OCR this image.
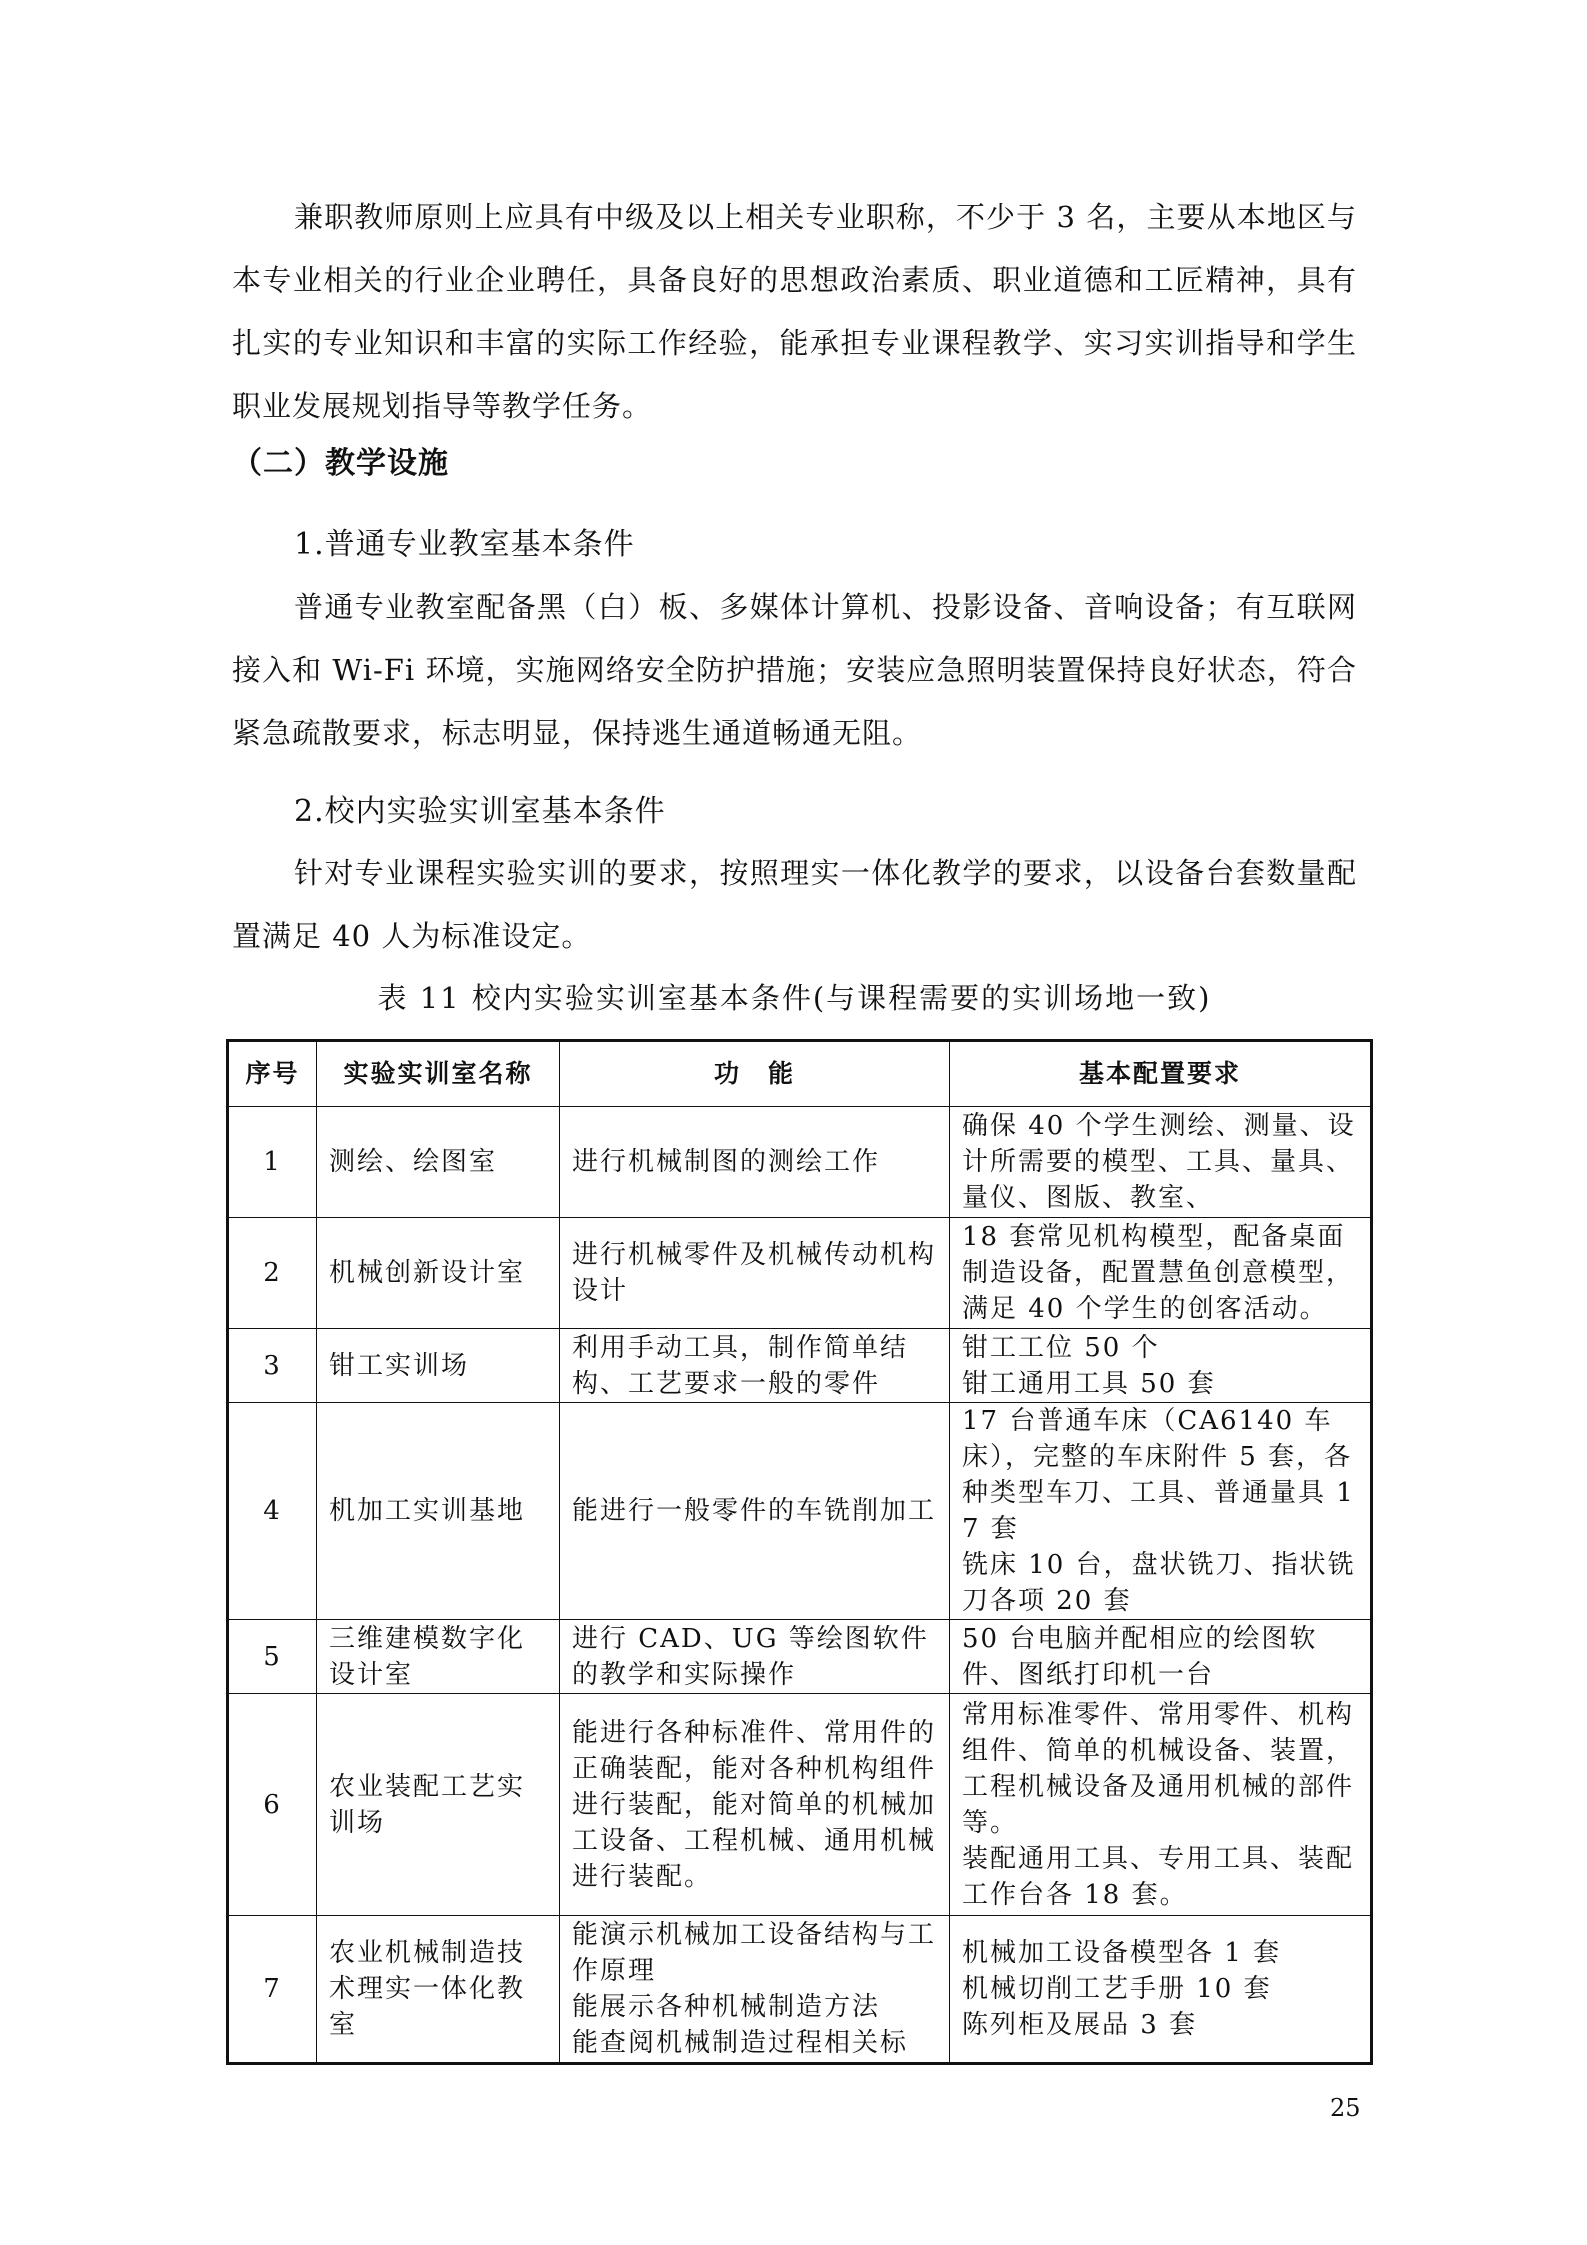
兼职教师原则上应具有中级及以上相关专业职称，不少于 3 名，主要从本地区与本专业相关的行业企业聘任，具备良好的思想政治素质、职业道德和工匠精神，具有扎实的专业知识和丰富的实际工作经验，能承担专业课程教学、实习实训指导和学生职业发展规划指导等教学任务。

（二）教学设施
1.普通专业教室基本条件

普通专业教室配备黑（白）板、多媒体计算机、投影设备、音响设备；有互联网接入和 Wi-Fi 环境，实施网络安全防护措施；安装应急照明装置保持良好状态，符合紧急疏散要求，标志明显，保持逃生通道畅通无阻。

2.校内实验实训室基本条件

针对专业课程实验实训的要求，按照理实一体化教学的要求，以设备台套数量配置满足 40 人为标准设定。

表 11 校内实验实训室基本条件(与课程需要的实训场地一致)
序号	实验实训室名称	功　能	基本配置要求
1	测绘、绘图室	进行机械制图的测绘工作	确保 40 个学生测绘、测量、设计所需要的模型、工具、量具、量仪、图版、教室、
2	机械创新设计室	进行机械零件及机械传动机构设计	18 套常见机构模型，配备桌面制造设备，配置慧鱼创意模型，满足 40 个学生的创客活动。
3	钳工实训场	利用手动工具，制作简单结构、工艺要求一般的零件	钳工工位 50 个
钳工通用工具 50 套
4	机加工实训基地	能进行一般零件的车铣削加工	17 台普通车床（CA6140 车床），完整的车床附件 5 套，各种类型车刀、工具、普通量具 17 套
铣床 10 台，盘状铣刀、指状铣刀各项 20 套
5	三维建模数字化设计室	进行 CAD、UG 等绘图软件的教学和实际操作	50 台电脑并配相应的绘图软件、图纸打印机一台
6	农业装配工艺实训场	能进行各种标准件、常用件的正确装配，能对各种机构组件进行装配，能对简单的机械加工设备、工程机械、通用机械进行装配。	常用标准零件、常用零件、机构组件、简单的机械设备、装置，工程机械设备及通用机械的部件等。
装配通用工具、专用工具、装配工作台各 18 套。
7	农业机械制造技术理实一体化教室	能演示机械加工设备结构与工作原理
能展示各种机械制造方法
能查阅机械制造过程相关标	机械加工设备模型各 1 套
机械切削工艺手册 10 套
陈列柜及展品 3 套
25
